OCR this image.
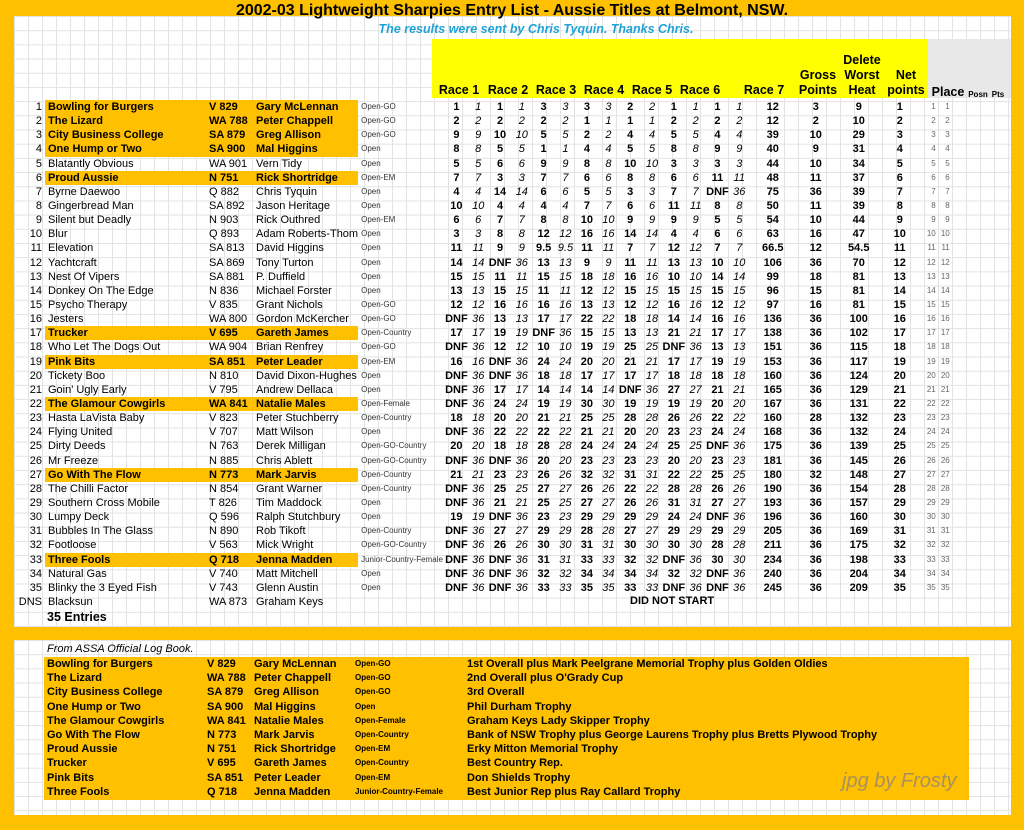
2002-03 Lightweight Sharpies Entry List - Aussie Titles at Belmont, NSW.
The results were sent by Chris Tyquin. Thanks Chris.
Race 1 Race 2 Race 3 Race 4 Race 5 Race 6	Race 7
Gross
Points
Delete
Worst
Heat
Net
points Place Posn Pts
1	Bowling for Burgers	V 829	Gary McLennan	Open-GO	1	1	1	1	3	3	3	3	2	2	1	1	1	1	12	3	9	1	1	1
2	The Lizard	WA 788	Peter Chappell	Open-GO	2	2	2	2	2	2	1	1	1	1	2	2	2	2	12	2	10	2	2	2
3	City Business College	SA 879	Greg Allison	Open-GO	9	9	10	10	5	5	2	2	4	4	5	5	4	4	39	10	29	3	3	3
4	One Hump or Two	SA 900	Mal Higgins	Open	8	8	5	5	1	1	4	4	5	5	8	8	9	9	40	9	31	4	4	4
5	Blatantly Obvious	WA 901	Vern Tidy	Open	5	5	6	6	9	9	8	8	10	10	3	3	3	3	44	10	34	5	5	5
6	Proud Aussie	N 751	Rick Shortridge	Open-EM	7	7	3	3	7	7	6	6	8	8	6	6	11	11	48	11	37	6	6	6
7	Byrne Daewoo	Q 882	Chris Tyquin	Open	4	4	14	14	6	6	5	5	3	3	7	7	DNF	36	75	36	39	7	7	7
8	Gingerbread Man	SA 892	Jason Heritage	Open	10	10	4	4	4	4	7	7	6	6	11	11	8	8	50	11	39	8	8	8
9	Silent but Deadly	N 903	Rick Outhred	Open-EM	6	6	7	7	8	8	10	10	9	9	9	9	5	5	54	10	44	9	9	9
10	Blur	Q 893	Adam Roberts-Thom	Open	3	3	8	8	12	12	16	16	14	14	4	4	6	6	63	16	47	10	10	10
11	Elevation	SA 813	David Higgins	Open	11	11	9	9	9.5	9.5	11	11	7	7	12	12	7	7	66.5	12	54.5	11	11	11
12	Yachtcraft	SA 869	Tony Turton	Open	14	14	DNF	36	13	13	9	9	11	11	13	13	10	10	106	36	70	12	12	12
13	Nest Of Vipers	SA 881	P. Duffield	Open	15	15	11	11	15	15	18	18	16	16	10	10	14	14	99	18	81	13	13	13
14	Donkey On The Edge	N 836	Michael Forster	Open	13	13	15	15	11	11	12	12	15	15	15	15	15	15	96	15	81	14	14	14
15	Psycho Therapy	V 835	Grant Nichols	Open-GO	12	12	16	16	16	16	13	13	12	12	16	16	12	12	97	16	81	15	15	15
16	Jesters	WA 800	Gordon McKercher	Open-GO	DNF	36	13	13	17	17	22	22	18	18	14	14	16	16	136	36	100	16	16	16
17	Trucker	V 695	Gareth James	Open-Country	17	17	19	19	DNF	36	15	15	13	13	21	21	17	17	138	36	102	17	17	17
18	Who Let The Dogs Out	WA 904	Brian Renfrey	Open-GO	DNF	36	12	12	10	10	19	19	25	25	DNF	36	13	13	151	36	115	18	18	18
19	Pink Bits	SA 851	Peter Leader	Open-EM	16	16	DNF	36	24	24	20	20	21	21	17	17	19	19	153	36	117	19	19	19
20	Tickety Boo	N 810	David Dixon-Hughes	Open	DNF	36	DNF	36	18	18	17	17	17	17	18	18	18	18	160	36	124	20	20	20
21	Goin' Ugly Early	V 795	Andrew Dellaca	Open	DNF	36	17	17	14	14	14	14	DNF	36	27	27	21	21	165	36	129	21	21	21
22	The Glamour Cowgirls	WA 841	Natalie Males	Open-Female	DNF	36	24	24	19	19	30	30	19	19	19	19	20	20	167	36	131	22	22	22
23	Hasta LaVista Baby	V 823	Peter Stuchberry	Open-Country	18	18	20	20	21	21	25	25	28	28	26	26	22	22	160	28	132	23	23	23
24	Flying United	V 707	Matt Wilson	Open	DNF	36	22	22	22	22	21	21	20	20	23	23	24	24	168	36	132	24	24	24
25	Dirty Deeds	N 763	Derek Milligan	Open-GO-Country	20	20	18	18	28	28	24	24	24	24	25	25	DNF	36	175	36	139	25	25	25
26	Mr Freeze	N 885	Chris Ablett	Open-GO-Country	DNF	36	DNF	36	20	20	23	23	23	23	20	20	23	23	181	36	145	26	26	26
27	Go With The Flow	N 773	Mark Jarvis	Open-Country	21	21	23	23	26	26	32	32	31	31	22	22	25	25	180	32	148	27	27	27
28	The Chilli Factor	N 854	Grant Warner	Open-Country	DNF	36	25	25	27	27	26	26	22	22	28	28	26	26	190	36	154	28	28	28
29	Southern Cross Mobile	T 826	Tim Maddock	Open	DNF	36	21	21	25	25	27	27	26	26	31	31	27	27	193	36	157	29	29	29
30	Lumpy Deck	Q 596	Ralph Stutchbury	Open	19	19	DNF	36	23	23	29	29	29	29	24	24	DNF	36	196	36	160	30	30	30
31	Bubbles In The Glass	N 890	Rob Tikoft	Open-Country	DNF	36	27	27	29	29	28	28	27	27	29	29	29	29	205	36	169	31	31	31
32	Footloose	V 563	Mick Wright	Open-GO-Country	DNF	36	26	26	30	30	31	31	30	30	30	30	28	28	211	36	175	32	32	32
33	Three Fools	Q 718	Jenna Madden	Junior-Country-Female	DNF	36	DNF	36	31	31	33	33	32	32	DNF	36	30	30	234	36	198	33	33	33
34	Natural Gas	V 740	Matt Mitchell	Open	DNF	36	DNF	36	32	32	34	34	34	34	32	32	DNF	36	240	36	204	34	34	34
35	Blinky the 3 Eyed Fish	V 743	Glenn Austin	Open	DNF	36	DNF	36	33	33	35	35	33	33	DNF	36	DNF	36	245	36	209	35	35	35
DNS	Blacksun	WA 873	Graham Keys																						DID NOT START
35 Entries
From ASSA Official Log Book.
Bowling for Burgers	V 829	Gary McLennan	Open-GO	1st Overall plus Mark Peelgrane Memorial Trophy plus Golden Oldies
The Lizard	WA 788	Peter Chappell	Open-GO	2nd Overall plus O'Grady Cup
City Business College	SA 879	Greg Allison	Open-GO	3rd Overall
One Hump or Two	SA 900	Mal Higgins	Open	Phil Durham Trophy
The Glamour Cowgirls	WA 841	Natalie Males	Open-Female	Graham Keys Lady Skipper Trophy
Go With The Flow	N 773	Mark Jarvis	Open-Country	Bank of NSW Trophy plus George Laurens Trophy plus Bretts Plywood Trophy
Proud Aussie	N 751	Rick Shortridge	Open-EM	Erky Mitton Memorial Trophy
Trucker	V 695	Gareth James	Open-Country	Best Country Rep.
Pink Bits	SA 851	Peter Leader	Open-EM	Don Shields Trophy
Three Fools	Q 718	Jenna Madden	Junior-Country-Female	Best Junior Rep plus Ray Callard Trophy	jpg by Frosty
